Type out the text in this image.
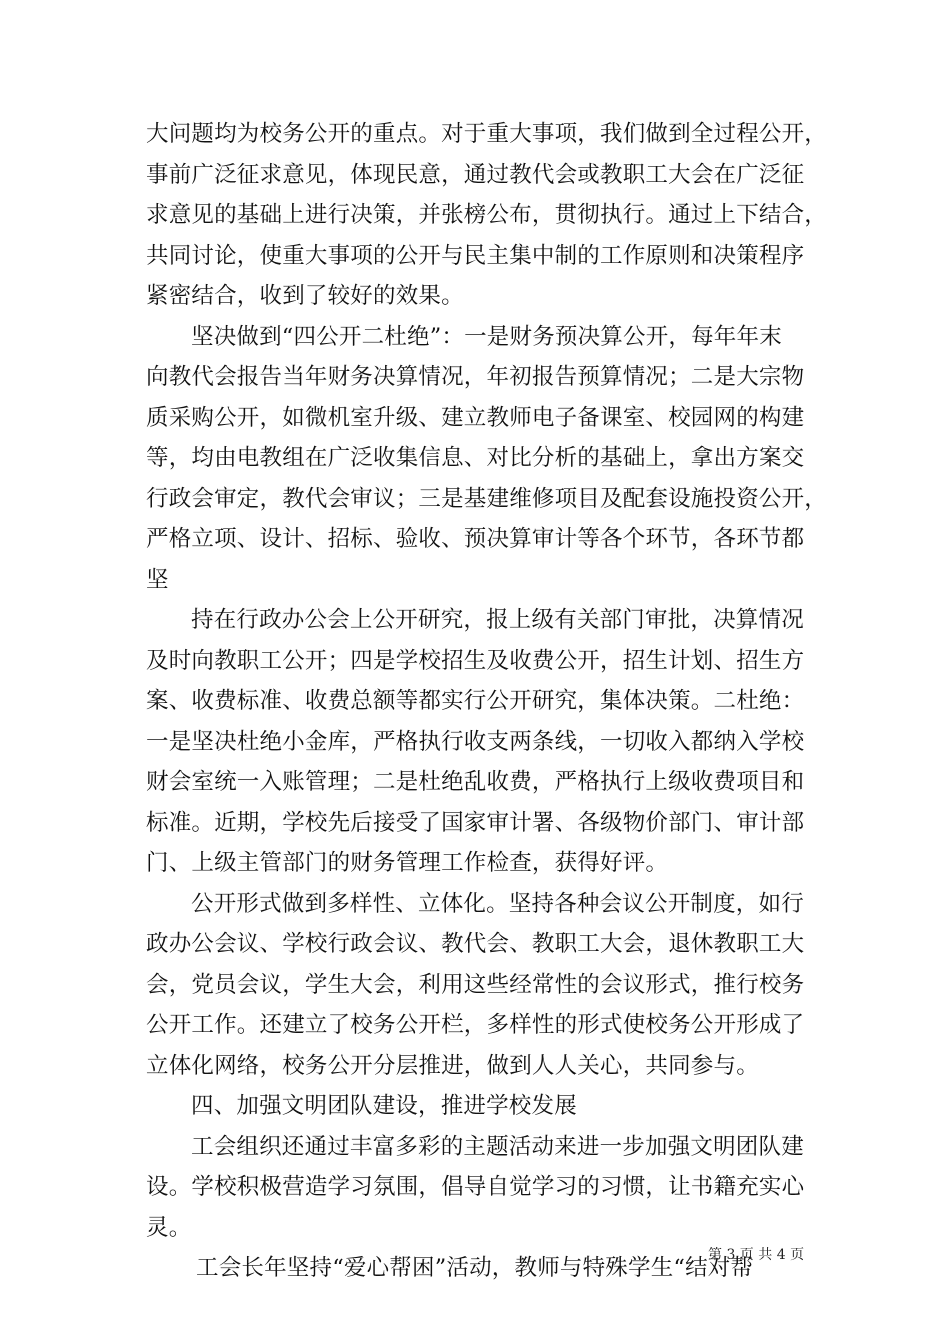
大问题均为校务公开的重点。对于重大事项，我们做到全过程公开，
事前广泛征求意见，体现民意，通过教代会或教职工大会在广泛征
求意见的基础上进行决策，并张榜公布，贯彻执行。通过上下结合，
共同讨论，使重大事项的公开与民主集中制的工作原则和决策程序
紧密结合，收到了较好的效果。
坚决做到“四公开二杜绝”：一是财务预决算公开，每年年末
向教代会报告当年财务决算情况，年初报告预算情况；二是大宗物
质采购公开，如微机室升级、建立教师电子备课室、校园网的构建
等，均由电教组在广泛收集信息、对比分析的基础上，拿出方案交
行政会审定，教代会审议；三是基建维修项目及配套设施投资公开，
严格立项、设计、招标、验收、预决算审计等各个环节，各环节都
坚
持在行政办公会上公开研究，报上级有关部门审批，决算情况
及时向教职工公开；四是学校招生及收费公开，招生计划、招生方
案、收费标准、收费总额等都实行公开研究，集体决策。二杜绝：
一是坚决杜绝小金库，严格执行收支两条线，一切收入都纳入学校
财会室统一入账管理；二是杜绝乱收费，严格执行上级收费项目和
标准。近期，学校先后接受了国家审计署、各级物价部门、审计部
门、上级主管部门的财务管理工作检查，获得好评。
公开形式做到多样性、立体化。坚持各种会议公开制度，如行
政办公会议、学校行政会议、教代会、教职工大会，退休教职工大
会，党员会议，学生大会，利用这些经常性的会议形式，推行校务
公开工作。还建立了校务公开栏，多样性的形式使校务公开形成了
立体化网络，校务公开分层推进，做到人人关心，共同参与。
四、加强文明团队建设，推进学校发展
工会组织还通过丰富多彩的主题活动来进一步加强文明团队建
设。学校积极营造学习氛围，倡导自觉学习的习惯，让书籍充实心
灵。
工会长年坚持“爱心帮困”活动，教师与特殊学生“结对帮
第 3 页 共 4 页
